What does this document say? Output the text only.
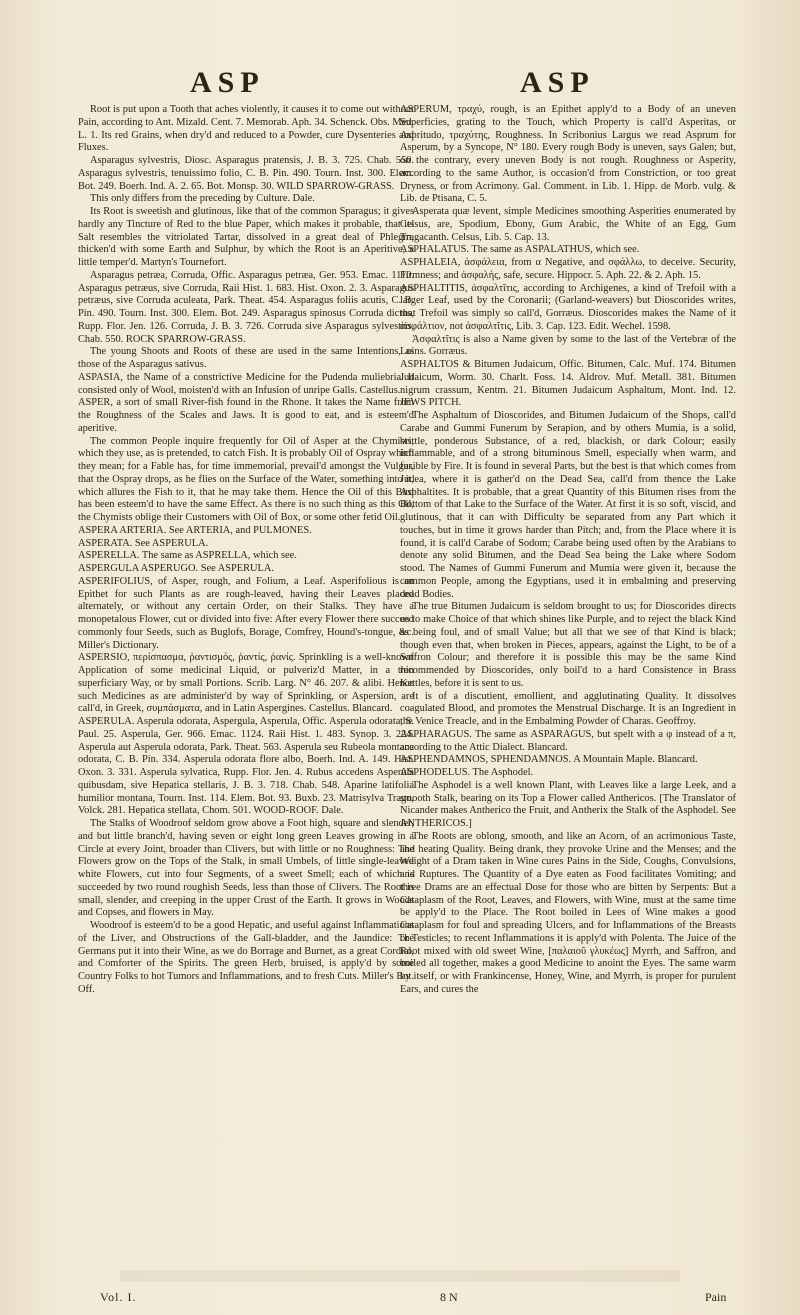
ASP	ASP

Root is put upon a Tooth that aches violently, it causes it to come out without Pain, according to Ant. Mizald. Cent. 7. Memorab. Aph. 34. Schenck. Obs. Med. L. 1. Its red Grains, when dry'd and reduced to a Powder, cure Dysenteries and Fluxes.

Asparagus sylvestris, Diosc. Asparagus pratensis, J. B. 3. 725. Chab. 550. Asparagus sylvestris, tenuissimo folio, C. B. Pin. 490. Tourn. Inst. 300. Elem. Bot. 249. Boerh. Ind. A. 2. 65. Bot. Monsp. 30. WILD SPARROW-GRASS.

This only differs from the preceding by Culture. Dale.

Its Root is sweetish and glutinous, like that of the common Sparagus; it gives hardly any Tincture of Red to the blue Paper, which makes it probable, that its Salt resembles the vitriolated Tartar, dissolved in a great deal of Phlegm, thicken'd with some Earth and Sulphur, by which the Root is an Aperitive, a little temper'd. Martyn's Tournefort.

Asparagus petræa, Corruda, Offic. Asparagus petræa, Ger. 953. Emac. 1110. Asparagus petræus, sive Corruda, Raii Hist. 1. 683. Hist. Oxon. 2. 3. Asparagus petræus, sive Corruda aculeata, Park. Theat. 454. Asparagus foliis acutis, C. B. Pin. 490. Tourn. Inst. 300. Elem. Bot. 249. Asparagus spinosus Corruda dictus, Rupp. Flor. Jen. 126. Corruda, J. B. 3. 726. Corruda sive Asparagus sylvestris, Chab. 550. ROCK SPARROW-GRASS.

The young Shoots and Roots of these are used in the same Intentions, as those of the Asparagus sativus.

ASPASIA, the Name of a constrictive Medicine for the Pudenda muliebria. It consisted only of Wool, moisten'd with an Infusion of unripe Galls. Castellus.

ASPER, a sort of small River-fish found in the Rhone. It takes the Name from the Roughness of the Scales and Jaws. It is good to eat, and is esteem'd aperitive.

The common People inquire frequently for Oil of Asper at the Chymists, which they use, as is pretended, to catch Fish. It is probably Oil of Ospray which they mean; for a Fable has, for time immemorial, prevail'd amongst the Vulgar, that the Ospray drops, as he flies on the Surface of the Water, something into it, which allures the Fish to it, that he may take them. Hence the Oil of this Bird has been esteem'd to have the same Effect. As there is no such thing as this Oil, the Chymists oblige their Customers with Oil of Box, or some other fetid Oil.

ASPERA ARTERIA. See ARTERIA, and PULMONES.

ASPERATA. See ASPERULA.

ASPERELLA. The same as ASPRELLA, which see.

ASPERGULA ASPERUGO. See ASPERULA.

ASPERIFOLIUS, of Asper, rough, and Folium, a Leaf. Asperifolious is an Epithet for such Plants as are rough-leaved, having their Leaves placed alternately, or without any certain Order, on their Stalks. They have a monopetalous Flower, cut or divided into five: After every Flower there succeed commonly four Seeds, such as Buglofs, Borage, Comfrey, Hound's-tongue, &c. Miller's Dictionary.

ASPERSIO, περίσπασμα, ῥαντισμός, ῥαντίς, ῥανίς. Sprinkling is a well-known Application of some medicinal Liquid, or pulveriz'd Matter, in a thin superficiary Way, or by small Portions. Scrib. Larg. N° 46. 207. & alibi. Hence such Medicines as are administer'd by way of Sprinkling, or Aspersion, are call'd, in Greek, συμπάσματα, and in Latin Aspergines. Castellus. Blancard.

ASPERULA. Asperula odorata, Aspergula, Asperula, Offic. Asperula odorata, S. Paul. 25. Asperula, Ger. 966. Emac. 1124. Raii Hist. 1. 483. Synop. 3. 224. Asperula aut Asperula odorata, Park. Theat. 563. Asperula seu Rubeola montana odorata, C. B. Pin. 334. Asperula odorata flore albo, Boerh. Ind. A. 149. Hist. Oxon. 3. 331. Asperula sylvatica, Rupp. Flor. Jen. 4. Rubus accedens Asperula quibusdam, sive Hepatica stellaris, J. B. 3. 718. Chab. 548. Aparine latifolia humilior montana, Tourn. Inst. 114. Elem. Bot. 93. Buxb. 23. Matrisylva Trago, Volck. 281. Hepatica stellata, Chom. 501. WOOD-ROOF. Dale.

The Stalks of Woodroof seldom grow above a Foot high, square and slender, and but little branch'd, having seven or eight long green Leaves growing in a Circle at every Joint, broader than Clivers, but with little or no Roughness: The Flowers grow on the Tops of the Stalk, in small Umbels, of little single-leaved white Flowers, cut into four Segments, of a sweet Smell; each of which is succeeded by two round roughish Seeds, less than those of Clivers. The Root is small, slender, and creeping in the upper Crust of the Earth. It grows in Woods and Copses, and flowers in May.

Woodroof is esteem'd to be a good Hepatic, and useful against Inflammations of the Liver, and Obstructions of the Gall-bladder, and the Jaundice: The Germans put it into their Wine, as we do Borrage and Burnet, as a great Cordial, and Comforter of the Spirits. The green Herb, bruised, is apply'd by some Country Folks to hot Tumors and Inflammations, and to fresh Cuts. Miller's Bot. Off.

ASPERUM, τραχύ, rough, is an Epithet apply'd to a Body of an uneven Superficies, grating to the Touch, which Property is call'd Asperitas, or Aspritudo, τραχύτης, Roughness. In Scribonius Largus we read Asprum for Asperum, by a Syncope, N° 180. Every rough Body is uneven, says Galen; but, on the contrary, every uneven Body is not rough. Roughness or Asperity, according to the same Author, is occasion'd from Constriction, or too great Dryness, or from Acrimony. Gal. Comment. in Lib. 1. Hipp. de Morb. vulg. & Lib. de Ptisana, C. 5.

Asperata quæ levent, simple Medicines smoothing Asperities enumerated by Celsus, are, Spodium, Ebony, Gum Arabic, the White of an Egg, Gum Tragacanth. Celsus, Lib. 5. Cap. 13.

ASPHALATUS. The same as ASPALATHUS, which see.

ASPHALEIA, ἀσφάλεια, from α Negative, and σφάλλω, to deceive. Security, Firmness; and ἀσφαλὴς, safe, secure. Hippocr. 5. Aph. 22. & 2. Aph. 15.

ASPHALTITIS, ἀσφαλτῖτις, according to Archigenes, a kind of Trefoil with a larger Leaf, used by the Coronarii; (Garland-weavers) but Dioscorides writes, that Trefoil was simply so call'd, Gorræus. Dioscorides makes the Name of it ἀσφάλτιον, not ἀσφαλτῖτις, Lib. 3. Cap. 123. Edit. Wechel. 1598.

Ἀσφαλτῖτις is also a Name given by some to the last of the Vertebræ of the Loins. Gorræus.

ASPHALTOS & Bitumen Judaicum, Offic. Bitumen, Calc. Muf. 174. Bitumen Judaicum, Worm. 30. Charlt. Foss. 14. Aldrov. Muf. Metall. 381. Bitumen nigrum crassum, Kentm. 21. Bitumen Judaicum Asphaltum, Mont. Ind. 12. JEWS PITCH.

The Asphaltum of Dioscorides, and Bitumen Judaicum of the Shops, call'd Carabe and Gummi Funerum by Serapion, and by others Mumia, is a solid, brittle, ponderous Substance, of a red, blackish, or dark Colour; easily inflammable, and of a strong bituminous Smell, especially when warm, and fusible by Fire. It is found in several Parts, but the best is that which comes from Judea, where it is gather'd on the Dead Sea, call'd from thence the Lake Asphaltites. It is probable, that a great Quantity of this Bitumen rises from the Bottom of that Lake to the Surface of the Water. At first it is so soft, viscid, and glutinous, that it can with Difficulty be separated from any Part which it touches, but in time it grows harder than Pitch; and, from the Place where it is found, it is call'd Carabe of Sodom; Carabe being used often by the Arabians to denote any solid Bitumen, and the Dead Sea being the Lake where Sodom stood. The Names of Gummi Funerum and Mumia were given it, because the common People, among the Egyptians, used it in embalming and preserving dead Bodies.

The true Bitumen Judaicum is seldom brought to us; for Dioscorides directs us to make Choice of that which shines like Purple, and to reject the black Kind as being foul, and of small Value; but all that we see of that Kind is black; though even that, when broken in Pieces, appears, against the Light, to be of a Saffron Colour; and therefore it is possible this may be the same Kind recommended by Dioscorides, only boil'd to a hard Consistence in Brass Kettles, before it is sent to us.

It is of a discutient, emollient, and agglutinating Quality. It dissolves coagulated Blood, and promotes the Menstrual Discharge. It is an Ingredient in the Venice Treacle, and in the Embalming Powder of Charas. Geoffroy.

ASPHARAGUS. The same as ASPARAGUS, but spelt with a φ instead of a π, according to the Attic Dialect. Blancard.

ASPHENDAMNOS, SPHENDAMNOS. A Mountain Maple. Blancard.

ASPHODELUS. The Asphodel.

The Asphodel is a well known Plant, with Leaves like a large Leek, and a smooth Stalk, bearing on its Top a Flower called Anthericos. [The Translator of Nicander makes Antherico the Fruit, and Antherix the Stalk of the Asphodel. See ANTHERICOS.]

The Roots are oblong, smooth, and like an Acorn, of an acrimonious Taste, and heating Quality. Being drank, they provoke Urine and the Menses; and the Weight of a Dram taken in Wine cures Pains in the Side, Coughs, Convulsions, and Ruptures. The Quantity of a Dye eaten as Food facilitates Vomiting; and three Drams are an effectual Dose for those who are bitten by Serpents: But a Cataplasm of the Root, Leaves, and Flowers, with Wine, must at the same time be apply'd to the Place. The Root boiled in Lees of Wine makes a good Cataplasm for foul and spreading Ulcers, and for Inflammations of the Breasts or Testicles; to recent Inflammations it is apply'd with Polenta. The Juice of the Root mixed with old sweet Wine, [παλαιοῦ γλυκέως] Myrrh, and Saffron, and boiled all together, makes a good Medicine to anoint the Eyes. The same warm by itself, or with Frankincense, Honey, Wine, and Myrrh, is proper for purulent Ears, and cures the

Vol. I.	8 N	Pain
